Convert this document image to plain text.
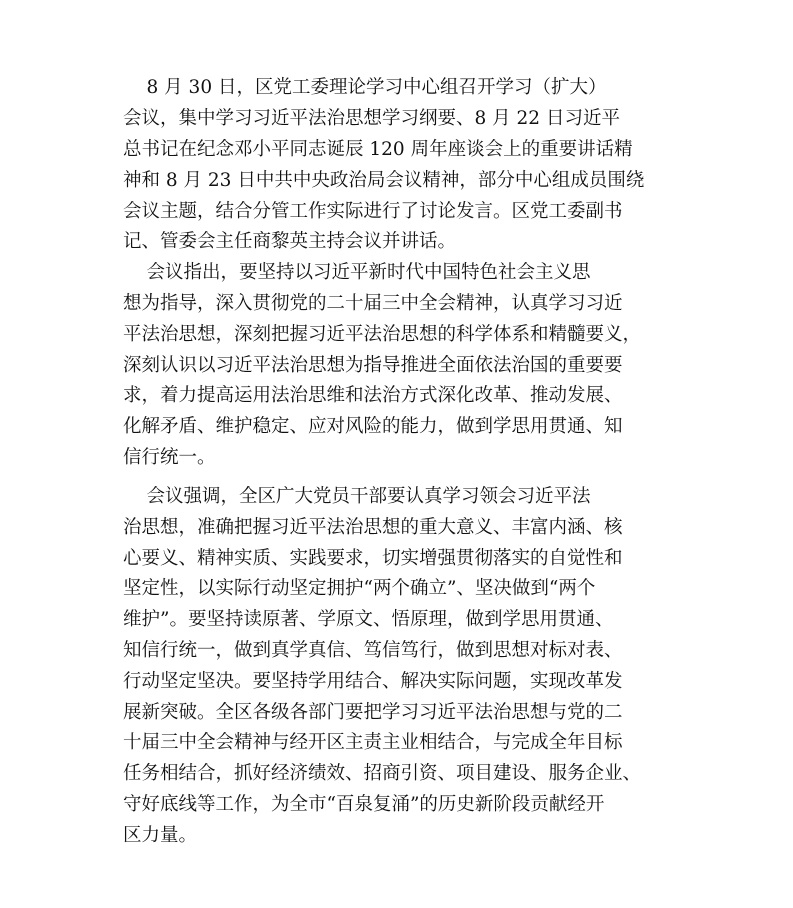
8 月 30 日，区党工委理论学习中心组召开学习（扩大）

会议，集中学习习近平法治思想学习纲要、8 月 22 日习近平

总书记在纪念邓小平同志诞辰 120 周年座谈会上的重要讲话精

神和 8 月 23 日中共中央政治局会议精神，部分中心组成员围绕

会议主题，结合分管工作实际进行了讨论发言。区党工委副书

记、管委会主任商黎英主持会议并讲话。

会议指出，要坚持以习近平新时代中国特色社会主义思

想为指导，深入贯彻党的二十届三中全会精神，认真学习习近

平法治思想，深刻把握习近平法治思想的科学体系和精髓要义，

深刻认识以习近平法治思想为指导推进全面依法治国的重要要

求，着力提高运用法治思维和法治方式深化改革、推动发展、

化解矛盾、维护稳定、应对风险的能力，做到学思用贯通、知

信行统一。

会议强调，全区广大党员干部要认真学习领会习近平法

治思想，准确把握习近平法治思想的重大意义、丰富内涵、核

心要义、精神实质、实践要求，切实增强贯彻落实的自觉性和

坚定性，以实际行动坚定拥护“两个确立”、坚决做到“两个

维护”。要坚持读原著、学原文、悟原理，做到学思用贯通、

知信行统一，做到真学真信、笃信笃行，做到思想对标对表、

行动坚定坚决。要坚持学用结合、解决实际问题，实现改革发

展新突破。全区各级各部门要把学习习近平法治思想与党的二

十届三中全会精神与经开区主责主业相结合，与完成全年目标

任务相结合，抓好经济绩效、招商引资、项目建设、服务企业、

守好底线等工作，为全市“百泉复涌”的历史新阶段贡献经开

区力量。
